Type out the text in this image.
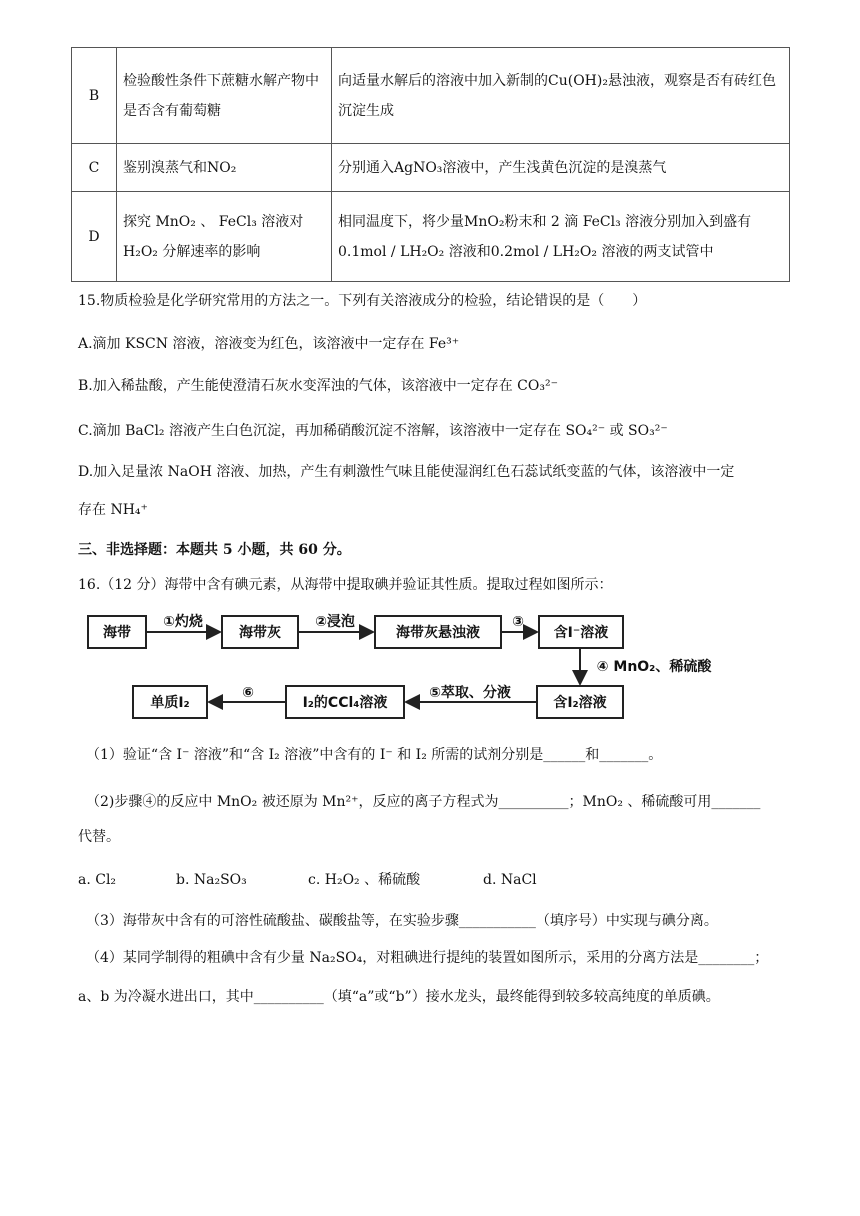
B	检验酸性条件下蔗糖水解产物中是否含有葡萄糖	向适量水解后的溶液中加入新制的Cu(OH)₂悬浊液，观察是否有砖红色沉淀生成
C	鉴别溴蒸气和NO₂	分别通入AgNO₃溶液中，产生浅黄色沉淀的是溴蒸气
D	探究 MnO₂ 、 FeCl₃ 溶液对 H₂O₂ 分解速率的影响	相同温度下，将少量MnO₂粉末和 2 滴 FeCl₃ 溶液分别加入到盛有0.1mol / LH₂O₂ 溶液和0.2mol / LH₂O₂ 溶液的两支试管中
15.物质检验是化学研究常用的方法之一。下列有关溶液成分的检验，结论错误的是（　　）
A.滴加 KSCN 溶液，溶液变为红色，该溶液中一定存在 Fe³⁺
B.加入稀盐酸，产生能使澄清石灰水变浑浊的气体，该溶液中一定存在 CO₃²⁻
C.滴加 BaCl₂ 溶液产生白色沉淀，再加稀硝酸沉淀不溶解，该溶液中一定存在 SO₄²⁻ 或 SO₃²⁻
D.加入足量浓 NaOH 溶液、加热，产生有刺激性气味且能使湿润红色石蕊试纸变蓝的气体，该溶液中一定
存在 NH₄⁺
三、非选择题：本题共 5 小题，共 60 分。
16.（12 分）海带中含有碘元素，从海带中提取碘并验证其性质。提取过程如图所示：
海带	海带灰	海带灰悬浊液	含I⁻溶液
含I₂溶液
I₂的CCl₄溶液
单质I₂
①灼烧	②浸泡	③
④ MnO₂、稀硫酸
⑤萃取、分液
⑥
（1）验证“含 I⁻ 溶液”和“含 I₂ 溶液”中含有的 I⁻ 和 I₂ 所需的试剂分别是______和_______。
（2)步骤④的反应中 MnO₂ 被还原为 Mn²⁺，反应的离子方程式为__________；MnO₂ 、稀硫酸可用_______
代替。
a. Cl₂	b. Na₂SO₃	c. H₂O₂ 、稀硫酸	d. NaCl
（3）海带灰中含有的可溶性硫酸盐、碳酸盐等，在实验步骤___________（填序号）中实现与碘分离。
（4）某同学制得的粗碘中含有少量 Na₂SO₄，对粗碘进行提纯的装置如图所示，采用的分离方法是________；
a、b 为冷凝水进出口，其中__________（填“a”或“b”）接水龙头，最终能得到较多较高纯度的单质碘。
